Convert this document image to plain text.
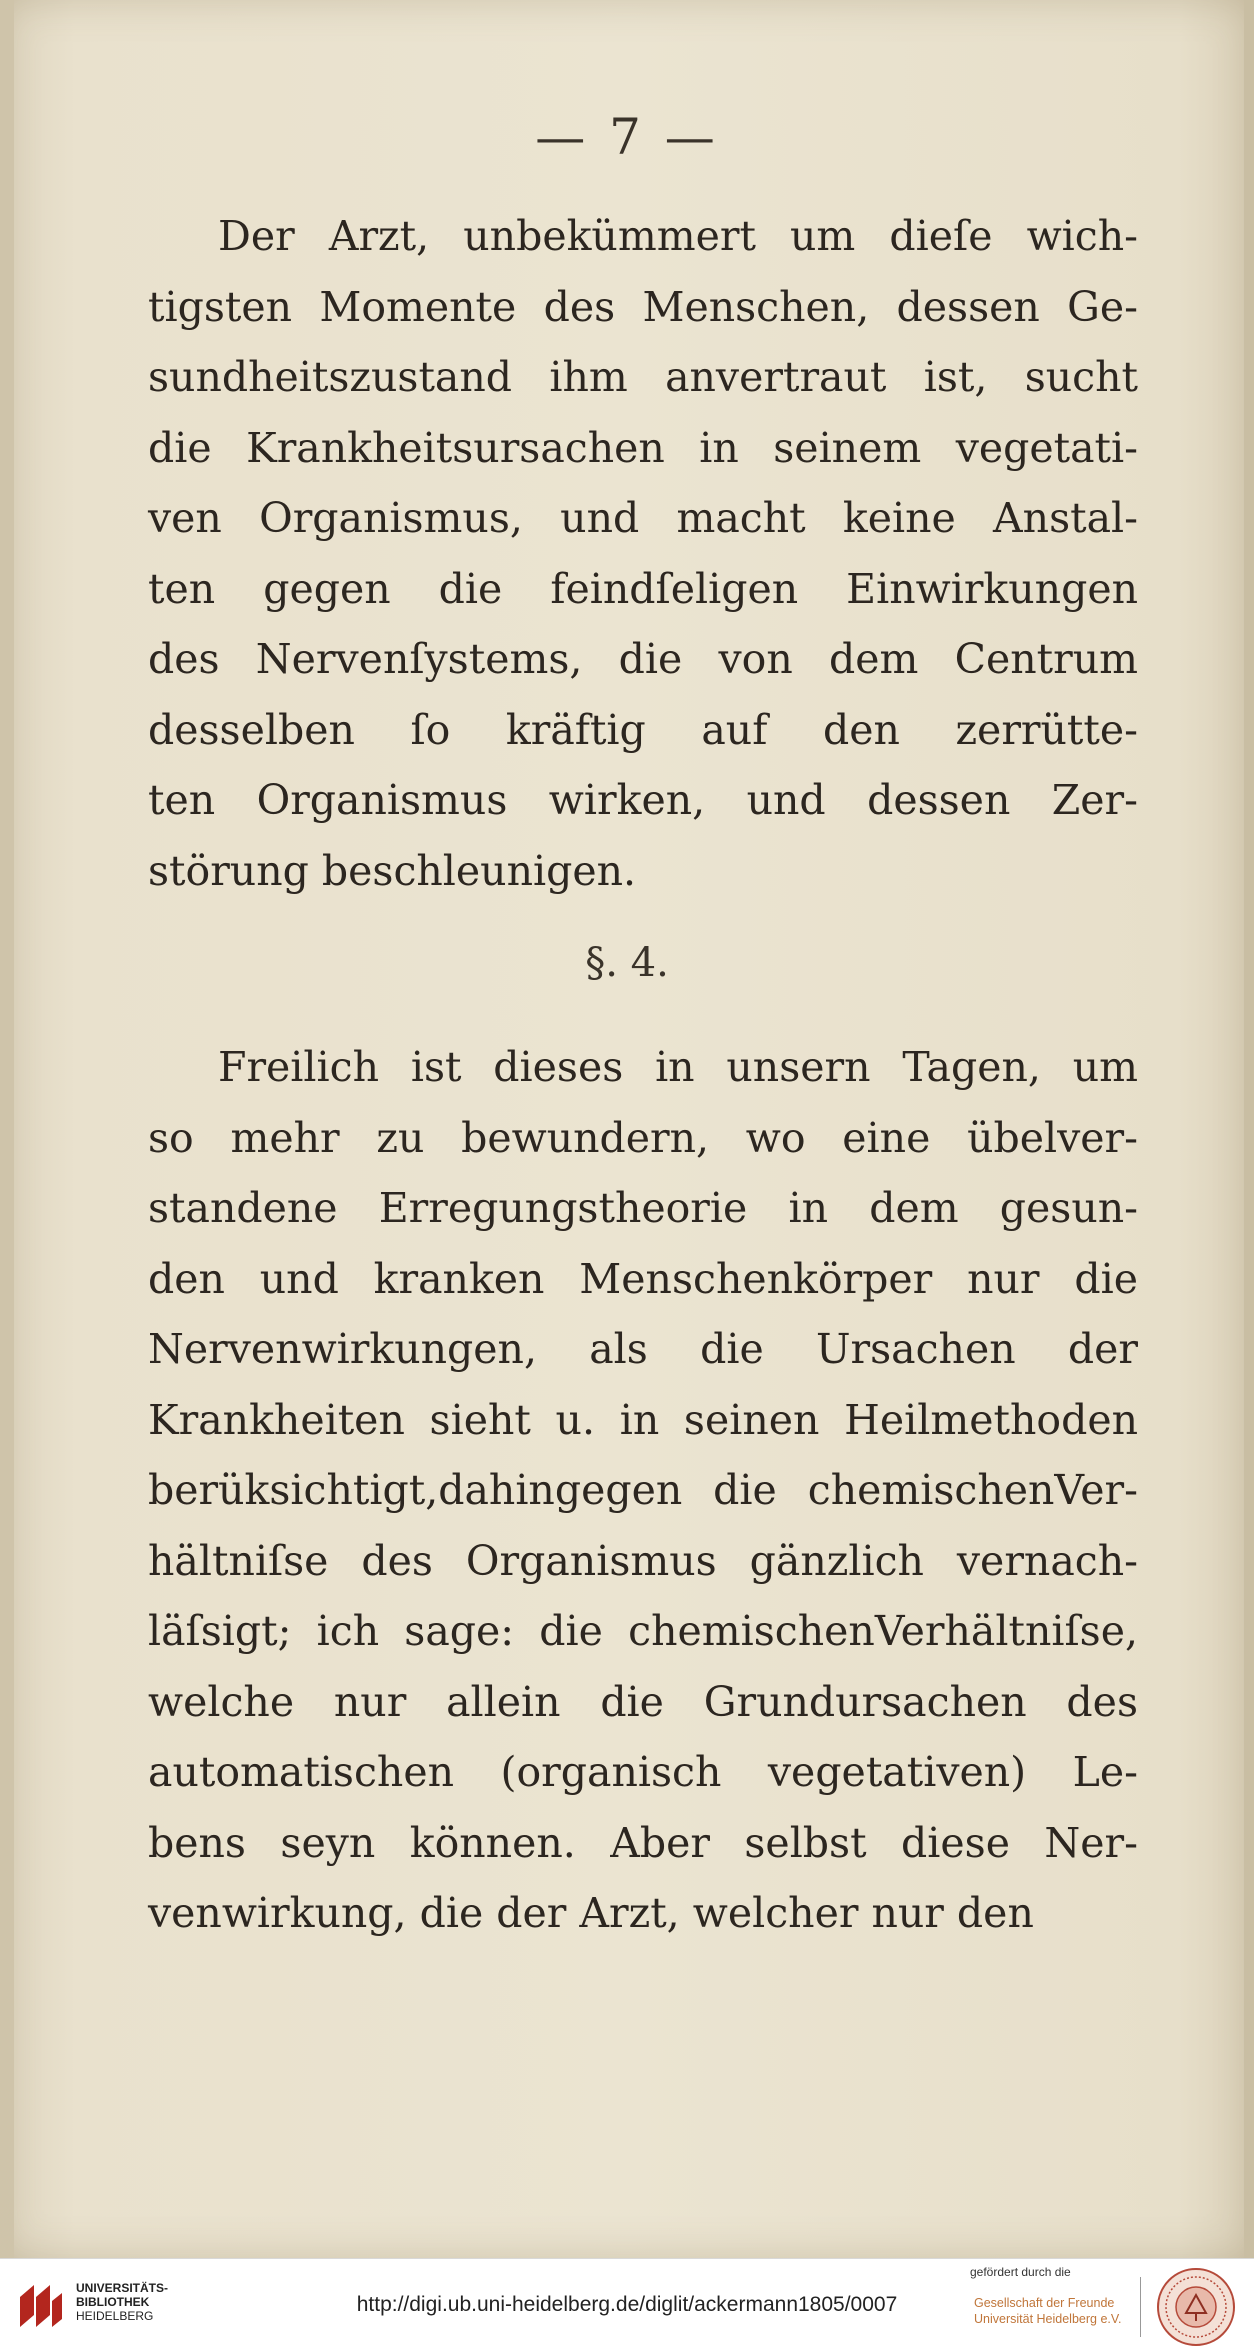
— 7 —
Der Arzt, unbekümmert um dieſe wich-
tigsten Momente des Menschen, dessen Ge-
sundheitszustand ihm anvertraut ist, sucht
die Krankheitsursachen in seinem vegetati-
ven Organismus, und macht keine Anstal-
ten gegen die feindſeligen Einwirkungen
des Nervenſystems, die von dem Centrum
desselben ſo kräftig auf den zerrütte-
ten Organismus wirken, und dessen Zer-
störung beschleunigen.
§. 4.
Freilich ist dieses in unsern Tagen, um
so mehr zu bewundern, wo eine übelver-
standene Erregungstheorie in dem gesun-
den und kranken Menschenkörper nur die
Nervenwirkungen, als die Ursachen der
Krankheiten sieht u. in seinen Heilmethoden
berüksichtigt,dahingegen die chemischenVer-
hältniſse des Organismus gänzlich vernach-
läſsigt; ich sage: die chemischenVerhältniſse,
welche nur allein die Grundursachen des
automatischen (organisch vegetativen) Le-
bens seyn können. Aber selbst diese Ner-
venwirkung, die der Arzt, welcher nur den
UNIVERSITÄTS-
BIBLIOTHEK
HEIDELBERG	http://digi.ub.uni-heidelberg.de/diglit/ackermann1805/0007
gefördert durch die
Gesellschaft der Freunde
Universität Heidelberg e.V.
